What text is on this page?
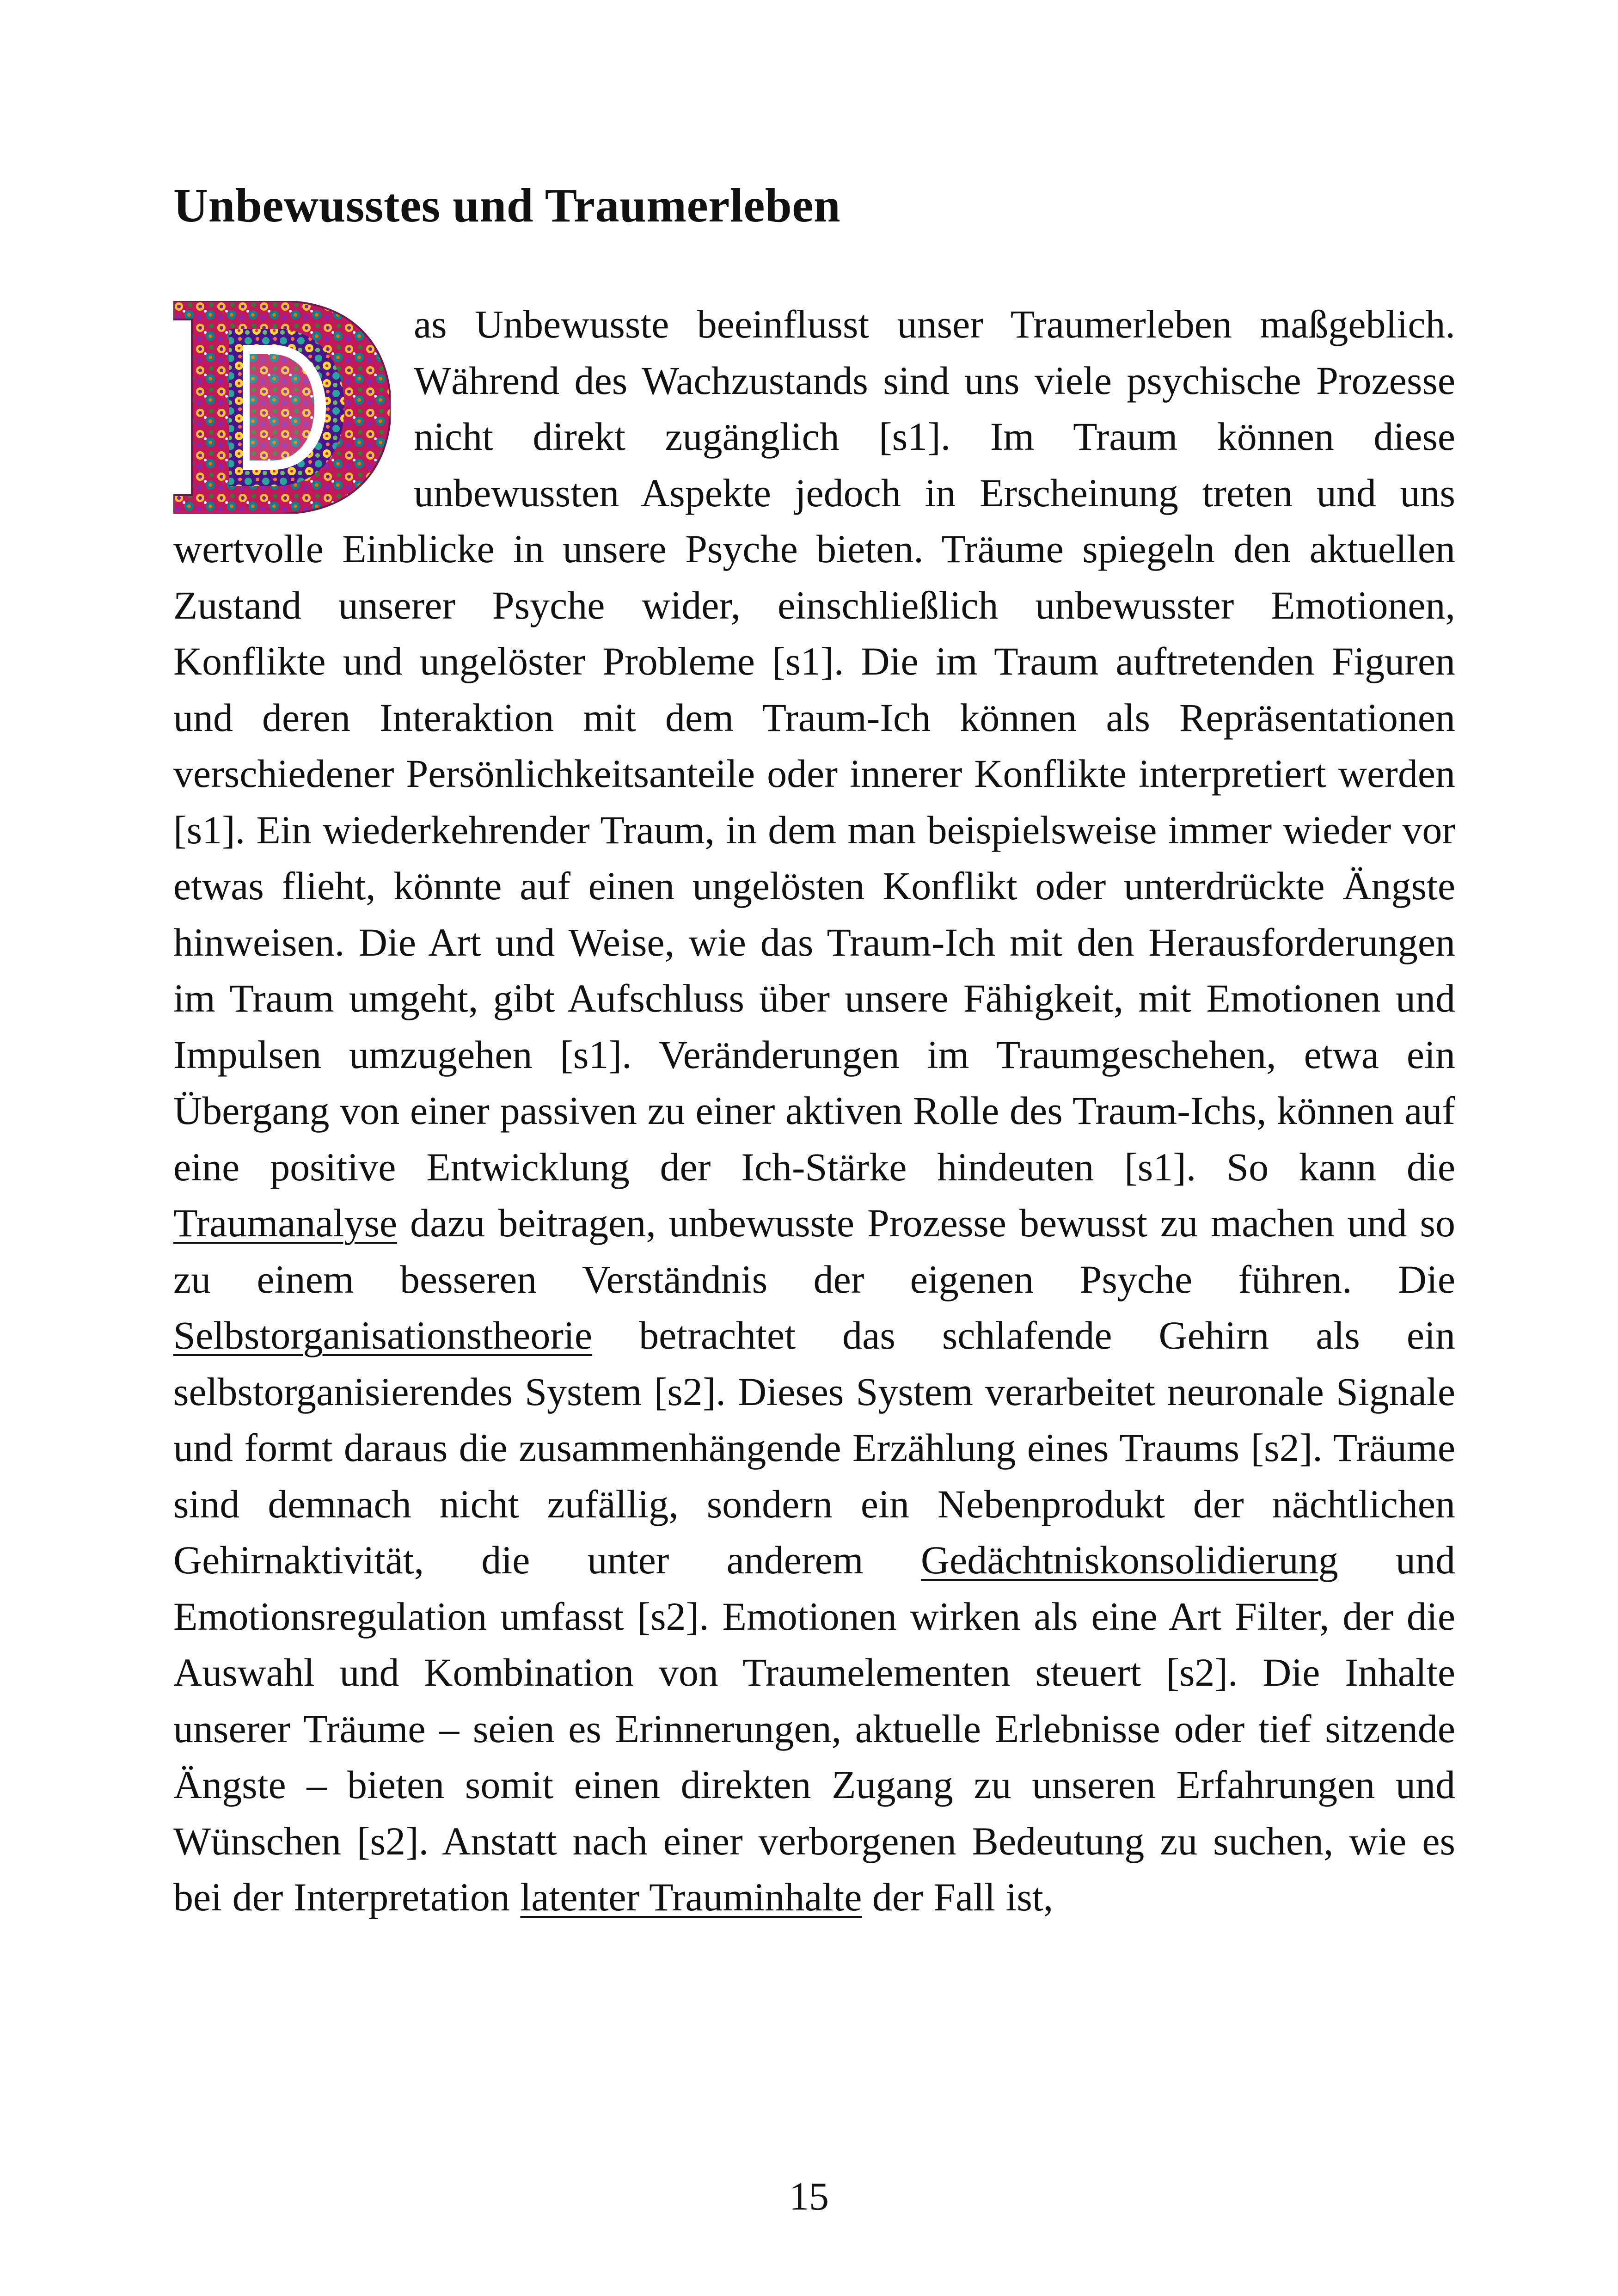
Unbewusstes und Traumerleben
as Unbewusste beeinflusst unser Traumerleben maßgeblich. Während des Wachzustands sind uns viele psychische Prozesse nicht direkt zugänglich [s1]. Im Traum können diese unbewussten Aspekte jedoch in Erscheinung treten und uns wertvolle Einblicke in unsere Psyche bieten. Träume spiegeln den aktuellen Zustand unserer Psyche wider, einschließlich unbewusster Emotionen, Konflikte und ungelöster Probleme [s1]. Die im Traum auftretenden Figuren und deren Interaktion mit dem Traum-Ich können als Repräsentationen verschiedener Persönlichkeitsanteile oder innerer Konflikte interpretiert werden [s1]. Ein wiederkehrender Traum, in dem man beispielsweise immer wieder vor etwas flieht, könnte auf einen ungelösten Konflikt oder unterdrückte Ängste hinweisen. Die Art und Weise, wie das Traum-Ich mit den Herausforderungen im Traum umgeht, gibt Aufschluss über unsere Fähigkeit, mit Emotionen und Impulsen umzugehen [s1]. Veränderungen im Traumgeschehen, etwa ein Übergang von einer passiven zu einer aktiven Rolle des Traum-Ichs, können auf eine positive Entwicklung der Ich-Stärke hindeuten [s1]. So kann die Traumanalyse dazu beitragen, unbewusste Prozesse bewusst zu machen und so zu einem besseren Verständnis der eigenen Psyche führen. Die Selbstorganisationstheorie betrachtet das schlafende Gehirn als ein selbstorganisierendes System [s2]. Dieses System verarbeitet neuronale Signale und formt daraus die zusammenhängende Erzählung eines Traums [s2]. Träume sind demnach nicht zufällig, sondern ein Nebenprodukt der nächtlichen Gehirnaktivität, die unter anderem Gedächtniskonsolidierung und Emotionsregulation umfasst [s2]. Emotionen wirken als eine Art Filter, der die Auswahl und Kombination von Traumelementen steuert [s2]. Die Inhalte unserer Träume – seien es Erinnerungen, aktuelle Erlebnisse oder tief sitzende Ängste – bieten somit einen direkten Zugang zu unseren Erfahrungen und Wünschen [s2]. Anstatt nach einer verborgenen Bedeutung zu suchen, wie es bei der Interpretation latenter Trauminhalte der Fall ist,
15
